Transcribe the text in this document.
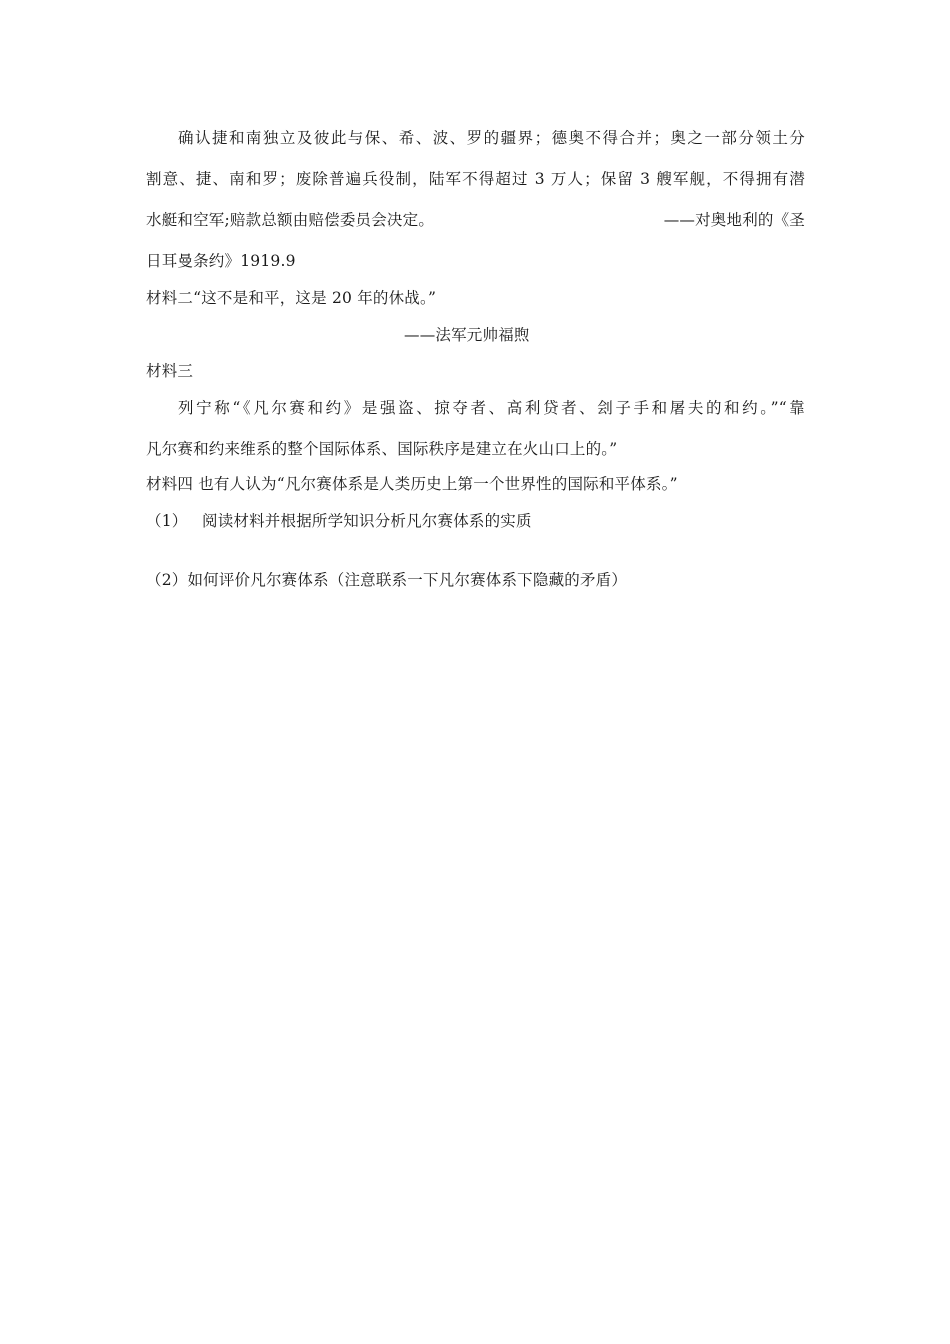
确认捷和南独立及彼此与保、希、波、罗的疆界；德奥不得合并；奥之一部分领土分
割意、捷、南和罗；废除普遍兵役制，陆军不得超过 3 万人；保留 3 艘军舰，不得拥有潜
水艇和空军;赔款总额由赔偿委员会决定。	——对奥地利的《圣
日耳曼条约》1919.9
材料二“这不是和平，这是 20 年的休战。”
——法军元帅福煦
材料三
列宁称“《凡尔赛和约》是强盗、掠夺者、高利贷者、刽子手和屠夫的和约。”“靠
凡尔赛和约来维系的整个国际体系、国际秩序是建立在火山口上的。”
材料四 也有人认为“凡尔赛体系是人类历史上第一个世界性的国际和平体系。”
（1） 阅读材料并根据所学知识分析凡尔赛体系的实质
（2）如何评价凡尔赛体系（注意联系一下凡尔赛体系下隐藏的矛盾）
